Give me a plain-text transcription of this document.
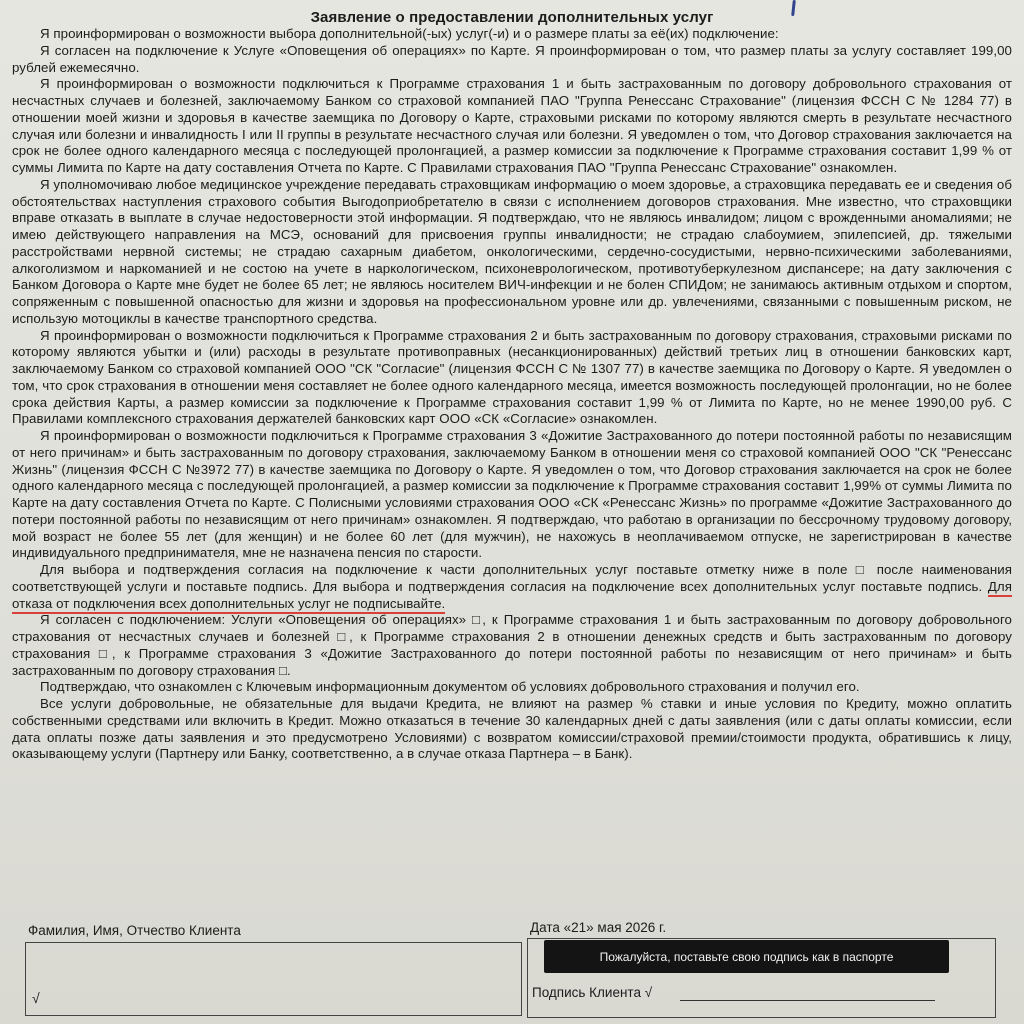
Заявление о предоставлении дополнительных услуг

Я проинформирован о возможности выбора дополнительной(-ых) услуг(-и) и о размере платы за её(их) подключение:

Я согласен на подключение к Услуге «Оповещения об операциях» по Карте. Я проинформирован о том, что размер платы за услугу составляет 199,00 рублей ежемесячно.

Я проинформирован о возможности подключиться к Программе страхования 1 и быть застрахованным по договору добровольного страхования от несчастных случаев и болезней, заключаемому Банком со страховой компанией ПАО "Группа Ренессанс Страхование" (лицензия ФССН С № 1284 77) в отношении моей жизни и здоровья в качестве заемщика по Договору о Карте, страховыми рисками по которому являются смерть в результате несчастного случая или болезни и инвалидность I или II группы в результате несчастного случая или болезни. Я уведомлен о том, что Договор страхования заключается на срок не более одного календарного месяца с последующей пролонгацией, а размер комиссии за подключение к Программе страхования составит 1,99 % от суммы Лимита по Карте на дату составления Отчета по Карте. С Правилами страхования ПАО "Группа Ренессанс Страхование" ознакомлен.

Я уполномочиваю любое медицинское учреждение передавать страховщикам информацию о моем здоровье, а страховщика передавать ее и сведения об обстоятельствах наступления страхового события Выгодоприобретателю в связи с исполнением договоров страхования. Мне известно, что страховщики вправе отказать в выплате в случае недостоверности этой информации. Я подтверждаю, что не являюсь инвалидом; лицом с врожденными аномалиями; не имею действующего направления на МСЭ, оснований для присвоения группы инвалидности; не страдаю слабоумием, эпилепсией, др. тяжелыми расстройствами нервной системы; не страдаю сахарным диабетом, онкологическими, сердечно-сосудистыми, нервно-психическими заболеваниями, алкоголизмом и наркоманией и не состою на учете в наркологическом, психоневрологическом, противотуберкулезном диспансере; на дату заключения с Банком Договора о Карте мне будет не более 65 лет; не являюсь носителем ВИЧ-инфекции и не болен СПИДом; не занимаюсь активным отдыхом и спортом, сопряженным с повышенной опасностью для жизни и здоровья на профессиональном уровне или др. увлечениями, связанными с повышенным риском, не использую мотоциклы в качестве транспортного средства.

Я проинформирован о возможности подключиться к Программе страхования 2 и быть застрахованным по договору страхования, страховыми рисками по которому являются убытки и (или) расходы в результате противоправных (несанкционированных) действий третьих лиц в отношении банковских карт, заключаемому Банком со страховой компанией ООО "СК "Согласие" (лицензия ФССН С № 1307 77) в качестве заемщика по Договору о Карте. Я уведомлен о том, что срок страхования в отношении меня составляет не более одного календарного месяца, имеется возможность последующей пролонгации, но не более срока действия Карты, а размер комиссии за подключение к Программе страхования составит 1,99 % от Лимита по Карте, но не менее 1990,00 руб. С Правилами комплексного страхования держателей банковских карт ООО «СК «Согласие» ознакомлен.

Я проинформирован о возможности подключиться к Программе страхования 3 «Дожитие Застрахованного до потери постоянной работы по независящим от него причинам» и быть застрахованным по договору страхования, заключаемому Банком в отношении меня со страховой компанией ООО "СК "Ренессанс Жизнь" (лицензия ФССН С №3972 77) в качестве заемщика по Договору о Карте. Я уведомлен о том, что Договор страхования заключается на срок не более одного календарного месяца с последующей пролонгацией, а размер комиссии за подключение к Программе страхования составит 1,99% от суммы Лимита по Карте на дату составления Отчета по Карте. С Полисными условиями страхования ООО «СК «Ренессанс Жизнь» по программе «Дожитие Застрахованного до потери постоянной работы по независящим от него причинам» ознакомлен. Я подтверждаю, что работаю в организации по бессрочному трудовому договору, мой возраст не более 55 лет (для женщин) и не более 60 лет (для мужчин), не нахожусь в неоплачиваемом отпуске, не зарегистрирован в качестве индивидуального предпринимателя, мне не назначена пенсия по старости.

Для выбора и подтверждения согласия на подключение к части дополнительных услуг поставьте отметку ниже в поле □ после наименования соответствующей услуги и поставьте подпись. Для выбора и подтверждения согласия на подключение всех дополнительных услуг поставьте подпись. Для отказа от подключения всех дополнительных услуг не подписывайте.

Я согласен с подключением: Услуги «Оповещения об операциях» □, к Программе страхования 1 и быть застрахованным по договору добровольного страхования от несчастных случаев и болезней □, к Программе страхования 2 в отношении денежных средств и быть застрахованным по договору страхования □, к Программе страхования 3 «Дожитие Застрахованного до потери постоянной работы по независящим от него причинам» и быть застрахованным по договору страхования □.

Подтверждаю, что ознакомлен с Ключевым информационным документом об условиях добровольного страхования и получил его.

Все услуги добровольные, не обязательные для выдачи Кредита, не влияют на размер % ставки и иные условия по Кредиту, можно оплатить собственными средствами или включить в Кредит. Можно отказаться в течение 30 календарных дней с даты заявления (или с даты оплаты комиссии, если дата оплаты позже даты заявления и это предусмотрено Условиями) с возвратом комиссии/страховой премии/стоимости продукта, обратившись к лицу, оказывающему услуги (Партнеру или Банку, соответственно, а в случае отказа Партнера – в Банк).

Фамилия, Имя, Отчество Клиента
√
Дата «21» мая 2026 г.
Пожалуйста, поставьте свою подпись как в паспорте
Подпись Клиента √
